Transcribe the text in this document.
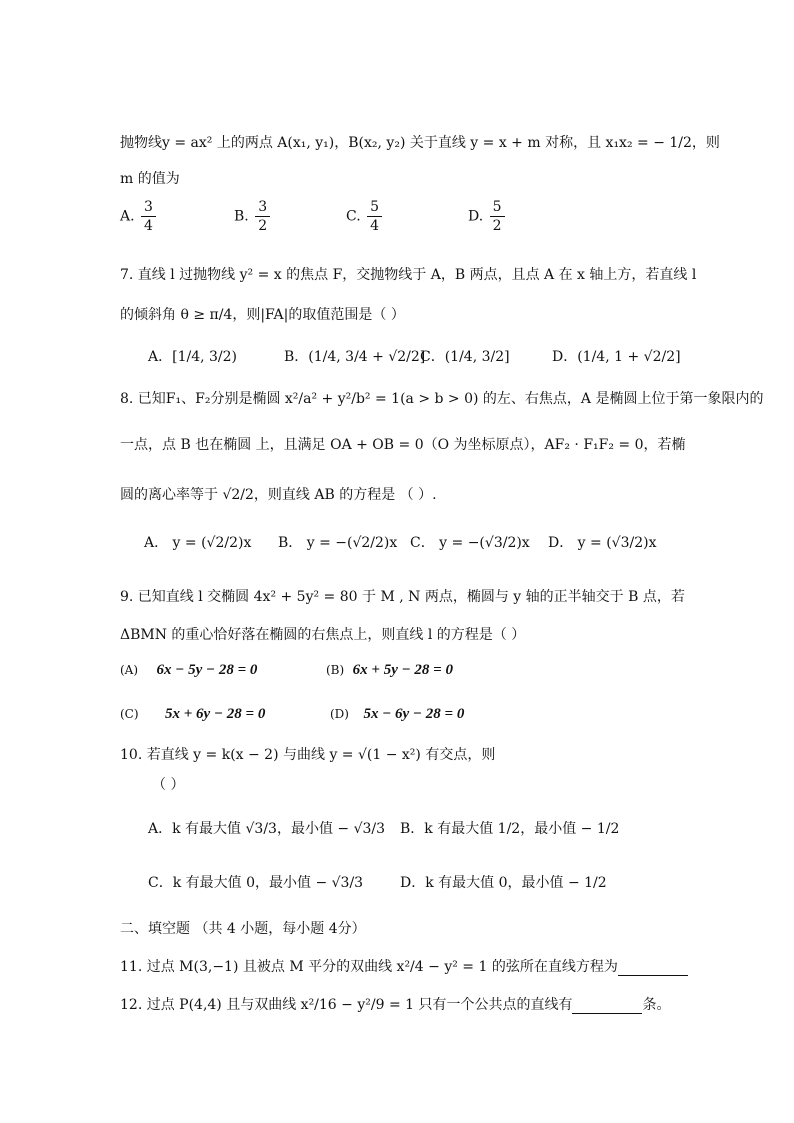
抛物线y = ax² 上的两点 A(x₁, y₁)，B(x₂, y₂) 关于直线 y = x + m 对称，且 x₁x₂ = − 1/2，则
m 的值为
A. $\frac{3}{4}$	B. $\frac{3}{2}$	C. $\frac{5}{4}$	D. $\frac{5}{2}$
7. 直线 l 过抛物线 y² = x 的焦点 F，交抛物线于 A，B 两点，且点 A 在 x 轴上方，若直线 l
的倾斜角 θ ≥ π/4，则|FA|的取值范围是（ ）
A．[1/4, 3/2)	B．(1/4, 3/4 + √2/2]
C．(1/4, 3/2]	D．(1/4, 1 + √2/2]
8. 已知F₁、F₂分别是椭圆 x²/a² + y²/b² = 1(a > b > 0) 的左、右焦点，A 是椭圆上位于第一象限内的
一点，点 B 也在椭圆 上，且满足 OA + OB = 0（O 为坐标原点），AF₂ · F₁F₂ = 0，若椭
圆的离心率等于 √2/2，则直线 AB 的方程是 （ ）.
A． y = (√2/2)x B． y = −(√2/2)x C． y = −(√3/2)x D． y = (√3/2)x
9. 已知直线 l 交椭圆 4x² + 5y² = 80 于 M , N 两点，椭圆与 y 轴的正半轴交于 B 点，若
ΔBMN 的重心恰好落在椭圆的右焦点上，则直线 l 的方程是（ ）
(A) 6x − 5y − 28 = 0	(B) 6x + 5y − 28 = 0
(C) 5x + 6y − 28 = 0	(D) 5x − 6y − 28 = 0
10. 若直线 y = k(x − 2) 与曲线 y = √(1 − x²) 有交点，则
（ ）
A．k 有最大值 √3/3，最小值 − √3/3 B．k 有最大值 1/2，最小值 − 1/2
C．k 有最大值 0，最小值 − √3/3	D．k 有最大值 0，最小值 − 1/2
二、填空题 （共 4 小题，每小题 4分）
11. 过点 M(3,−1) 且被点 M 平分的双曲线 x²/4 − y² = 1 的弦所在直线方程为
12. 过点 P(4,4) 且与双曲线 x²/16 − y²/9 = 1 只有一个公共点的直线有	条。
